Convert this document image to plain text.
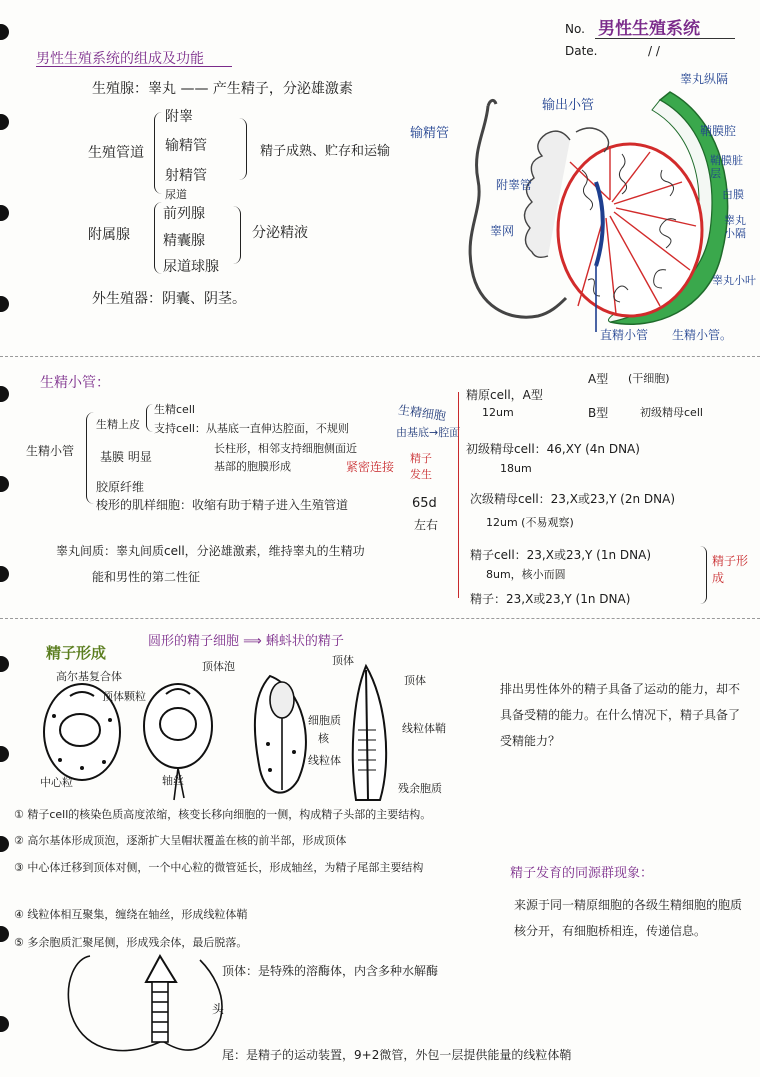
No. 男性生殖系统
Date.	/ /
男性生殖系统的组成及功能
生殖腺：睾丸 —— 产生精子，分泌雄激素
生殖管道
附睾
输精管
射精管
尿道
精子成熟、贮存和运输
附属腺
前列腺
精囊腺
尿道球腺
分泌精液
外生殖器：阴囊、阴茎。
输精管
输出小管
睾丸纵隔
鞘膜腔
鞘膜脏层
白膜
睾丸小隔
附睾管
睾网
睾丸小叶
直精小管 生精小管。
生精小管：
生精小管
生精上皮
生精cell
支持cell：从基底一直伸达腔面，不规则
长柱形，相邻支持细胞侧面近
基部的胞膜形成	紧密连接
基膜 明显
胶原纤维
梭形的肌样细胞：收缩有助于精子进入生殖管道
睾丸间质：睾丸间质cell，分泌雄激素，维持睾丸的生精功
能和男性的第二性征
生精细胞
由基底→腔面
精子发生
65d
左右
精原cell，A型
A型 (干细胞)
B型	初级精母cell
12um
初级精母cell：46,XY (4n DNA)
18um
次级精母cell：23,X或23,Y (2n DNA)
12um (不易观察)
精子cell：23,X或23,Y (1n DNA)
8um，核小而圆
精子：23,X或23,Y (1n DNA)
精子形成
精子形成
圆形的精子细胞 ⟹ 蝌蚪状的精子
高尔基复合体
顶体颗粒
顶体泡
中心粒	轴丝
顶体
顶体
细胞质
核
线粒体
线粒体鞘
残余胞质
排出男性体外的精子具备了运动的能力，却不具备受精的能力。在什么情况下，精子具备了受精能力？
① 精子cell的核染色质高度浓缩，核变长移向细胞的一侧，构成精子头部的主要结构。
② 高尔基体形成顶泡，逐渐扩大呈帽状覆盖在核的前半部，形成顶体
③ 中心体迁移到顶体对侧，一个中心粒的微管延长，形成轴丝，为精子尾部主要结构
④ 线粒体相互聚集，缠绕在轴丝，形成线粒体鞘
⑤ 多余胞质汇聚尾侧，形成残余体，最后脱落。
精子发育的同源群现象：
来源于同一精原细胞的各级生精细胞的胞质核分开，有细胞桥相连，传递信息。
顶体：是特殊的溶酶体，内含多种水解酶
头
尾：是精子的运动装置，9+2微管，外包一层提供能量的线粒体鞘
